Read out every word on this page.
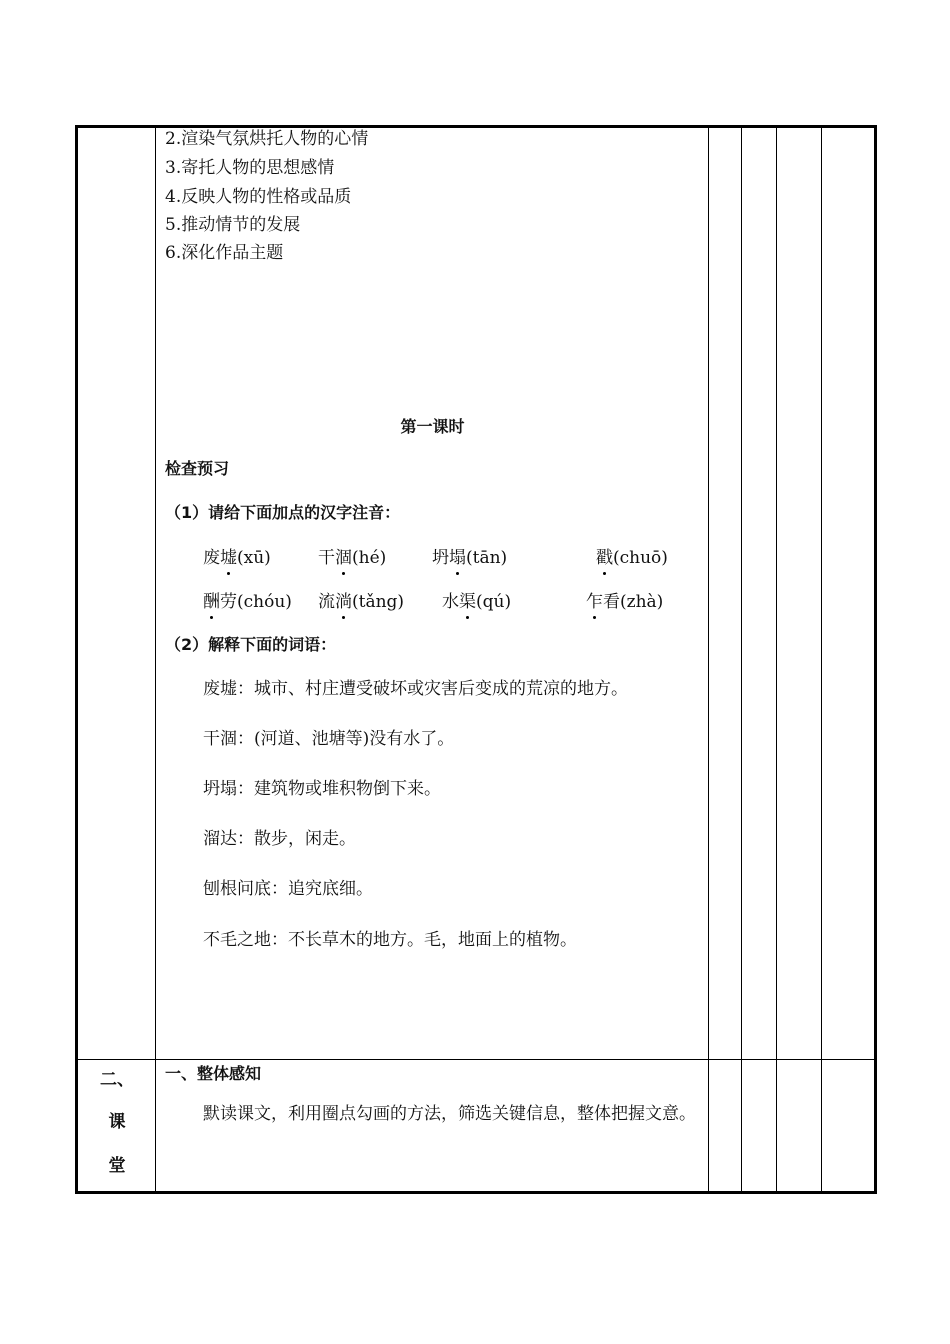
2.渲染气氛烘托人物的心情
3.寄托人物的思想感情
4.反映人物的性格或品质
5.推动情节的发展
6.深化作品主题
第一课时
检查预习
（1）请给下面加点的汉字注音：
废墟(xū)	干涸(hé)	坍塌(tān)	戳(chuō)
酬劳(chóu) 流淌(tǎng) 水渠(qú)	乍看(zhà)
（2）解释下面的词语：
废墟：城市、村庄遭受破坏或灾害后变成的荒凉的地方。
干涸：(河道、池塘等)没有水了。
坍塌：建筑物或堆积物倒下来。
溜达：散步，闲走。
刨根问底：追究底细。
不毛之地：不长草木的地方。毛，地面上的植物。
二、
课
堂
一、整体感知
默读课文，利用圈点勾画的方法，筛选关键信息，整体把握文意。
